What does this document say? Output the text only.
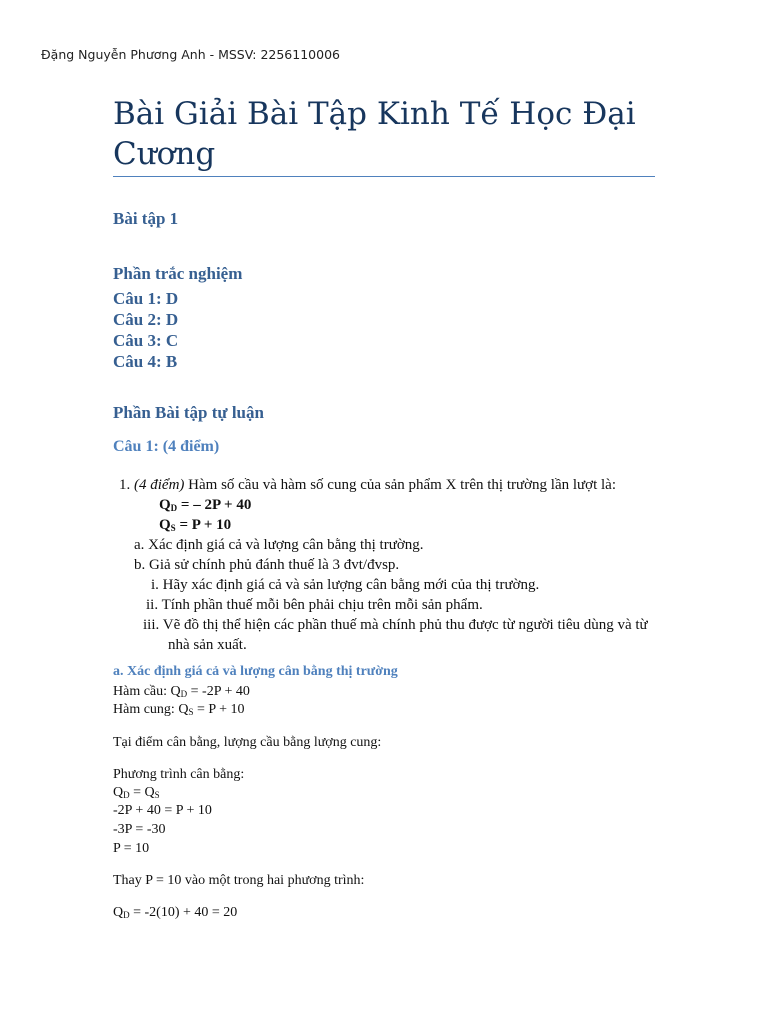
Đặng Nguyễn Phương Anh - MSSV: 2256110006
Bài Giải Bài Tập Kinh Tế Học Đại Cương
Bài tập 1
Phần trắc nghiệm
Câu 1: D
Câu 2: D
Câu 3: C
Câu 4: B
Phần Bài tập tự luận
Câu 1: (4 điểm)
1. (4 điểm) Hàm số cầu và hàm số cung của sản phẩm X trên thị trường lần lượt là:
$Q_D$ = – 2P + 40
$Q_S = P + 10$
a. Xác định giá cả và lượng cân bằng thị trường.
b. Giả sử chính phủ đánh thuế là 3 đvt/đvsp.
i. Hãy xác định giá cả và sản lượng cân bằng mới của thị trường.
ii. Tính phần thuế mỗi bên phải chịu trên mỗi sản phẩm.
iii. Vẽ đồ thị thể hiện các phần thuế mà chính phủ thu được từ người tiêu dùng và từ
nhà sản xuất.
a. Xác định giá cả và lượng cân bằng thị trường
Hàm cầu: $Q_D = -2P + 40$
Hàm cung: $Q_S = P + 10$
Tại điểm cân bằng, lượng cầu bằng lượng cung:
Phương trình cân bằng:
$Q_D = Q_S$
-2P + 40 = P + 10
-3P = -30
P = 10
Thay P = 10 vào một trong hai phương trình:
$Q_D = -2(10) + 40 = 20$
